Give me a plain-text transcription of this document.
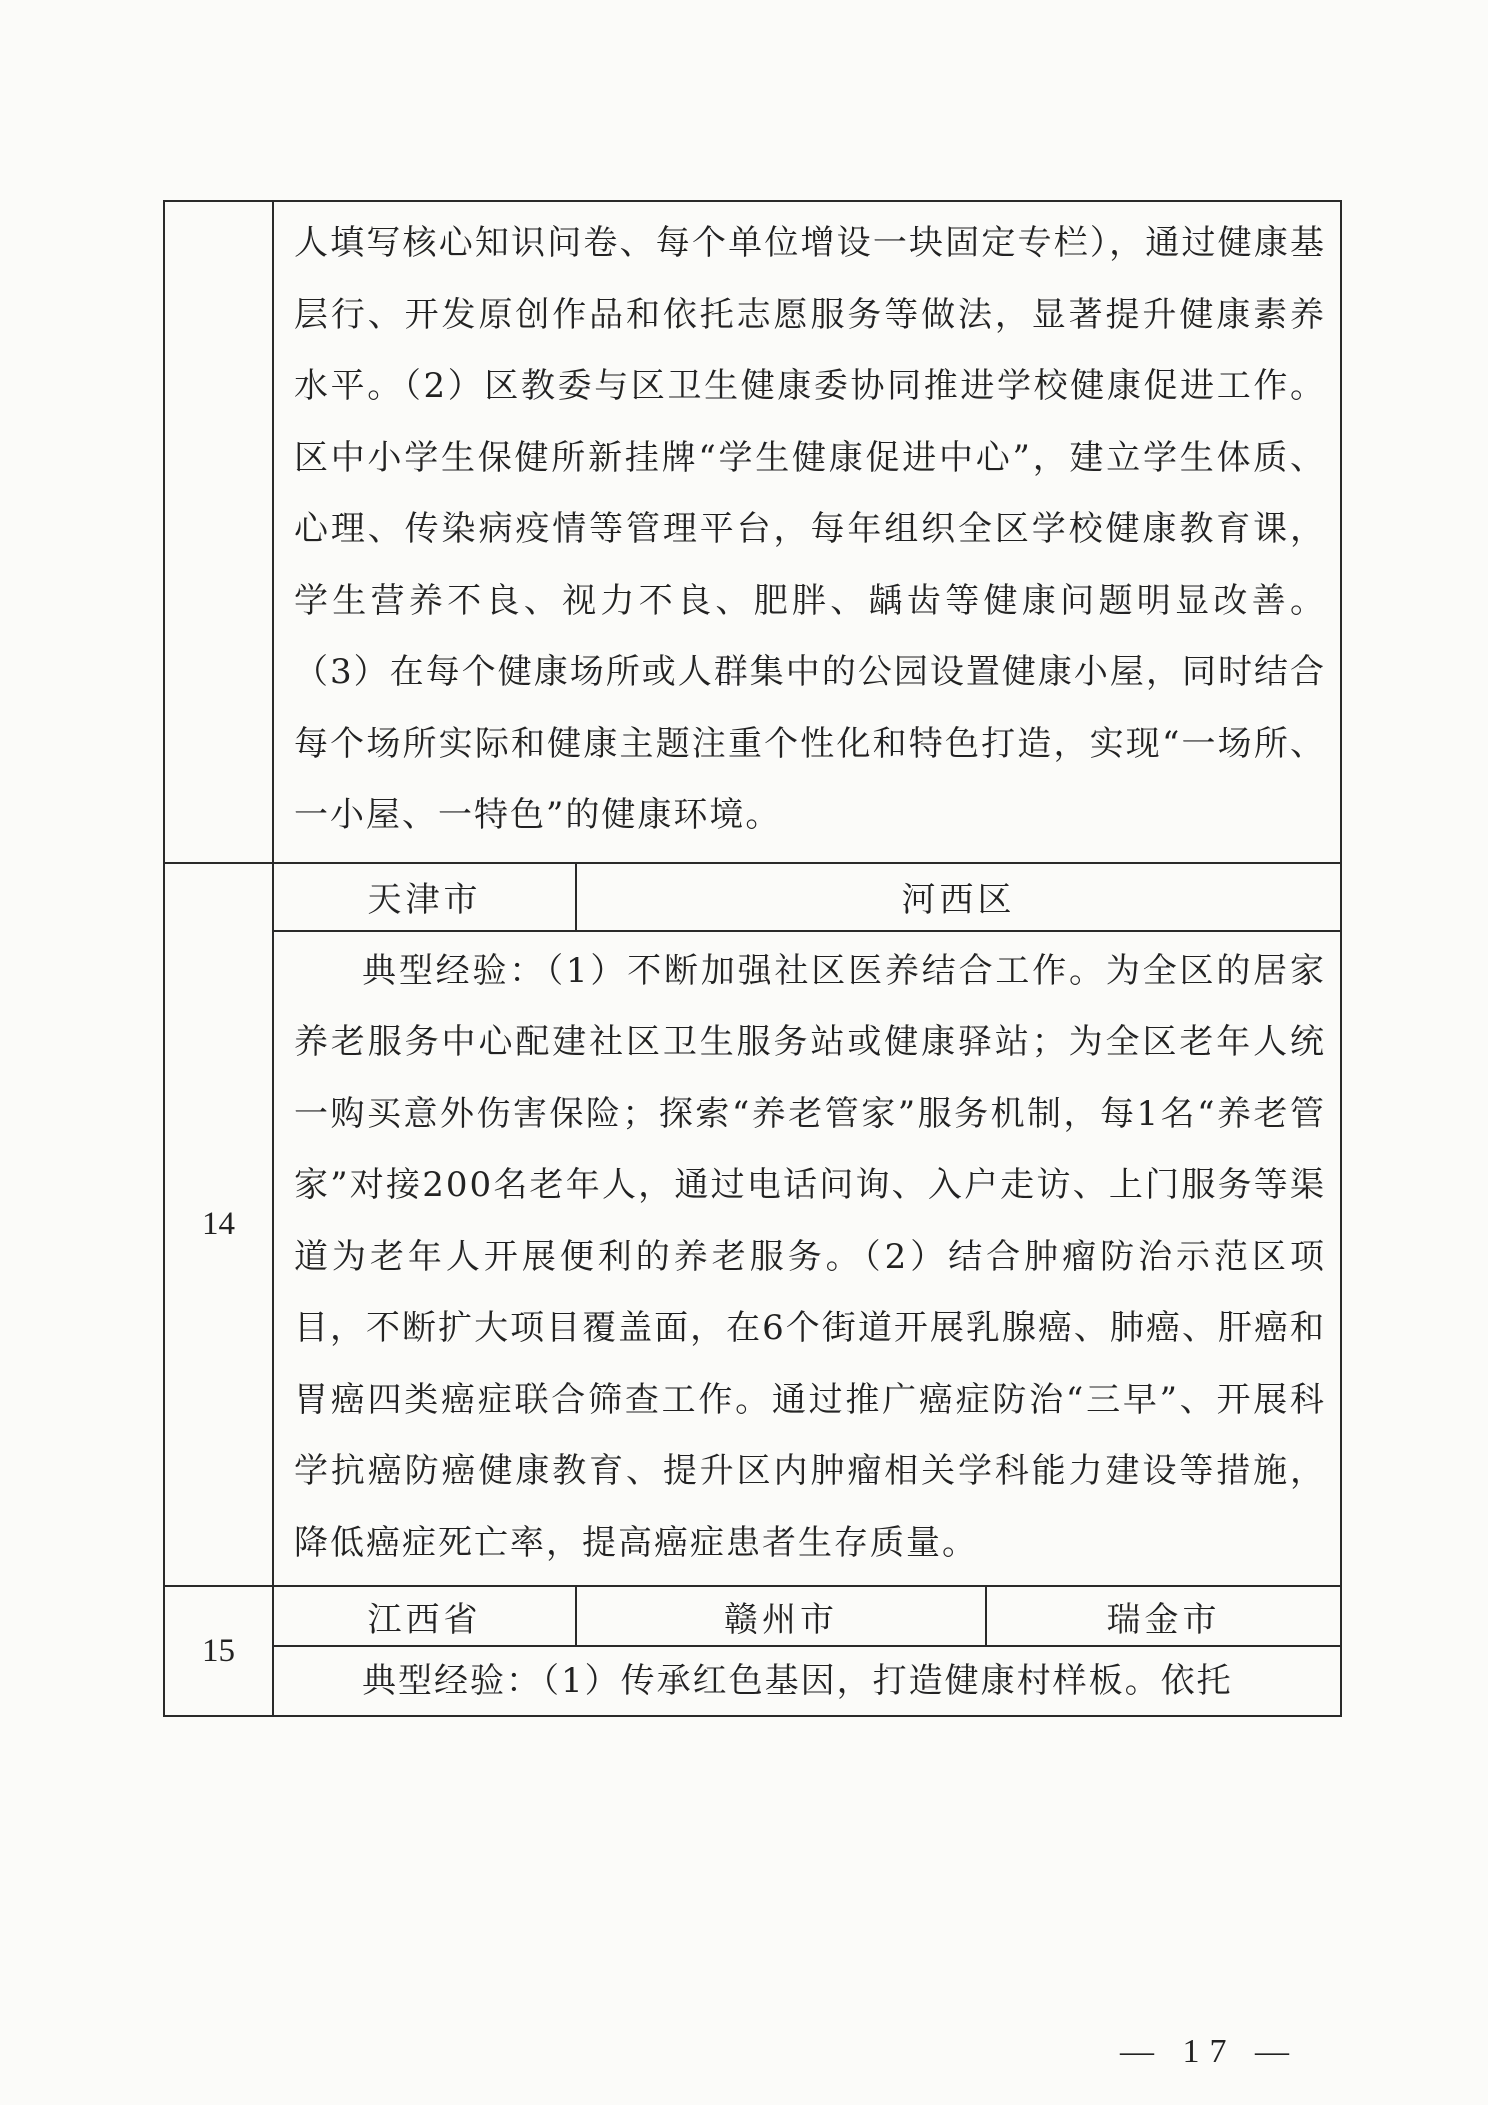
	人填写核心知识问卷、每个单位增设一块固定专栏），通过健康基层行、开发原创作品和依托志愿服务等做法，显著提升健康素养水平。（2）区教委与区卫生健康委协同推进学校健康促进工作。区中小学生保健所新挂牌“学生健康促进中心”，建立学生体质、心理、传染病疫情等管理平台，每年组织全区学校健康教育课，学生营养不良、视力不良、肥胖、龋齿等健康问题明显改善。（3）在每个健康场所或人群集中的公园设置健康小屋，同时结合每个场所实际和健康主题注重个性化和特色打造，实现“一场所、一小屋、一特色”的健康环境。		

14	天津市	河西区	

	典型经验：（1）不断加强社区医养结合工作。为全区的居家养老服务中心配建社区卫生服务站或健康驿站；为全区老年人统一购买意外伤害保险；探索“养老管家”服务机制，每1名“养老管家”对接200名老年人，通过电话问询、入户走访、上门服务等渠道为老年人开展便利的养老服务。（2）结合肿瘤防治示范区项目，不断扩大项目覆盖面，在6个街道开展乳腺癌、肺癌、肝癌和胃癌四类癌症联合筛查工作。通过推广癌症防治“三早”、开展科学抗癌防癌健康教育、提升区内肿瘤相关学科能力建设等措施，降低癌症死亡率，提高癌症患者生存质量。		

15	江西省	赣州市	瑞金市

	典型经验：（1）传承红色基因，打造健康村样板。依托		
— 17 —
